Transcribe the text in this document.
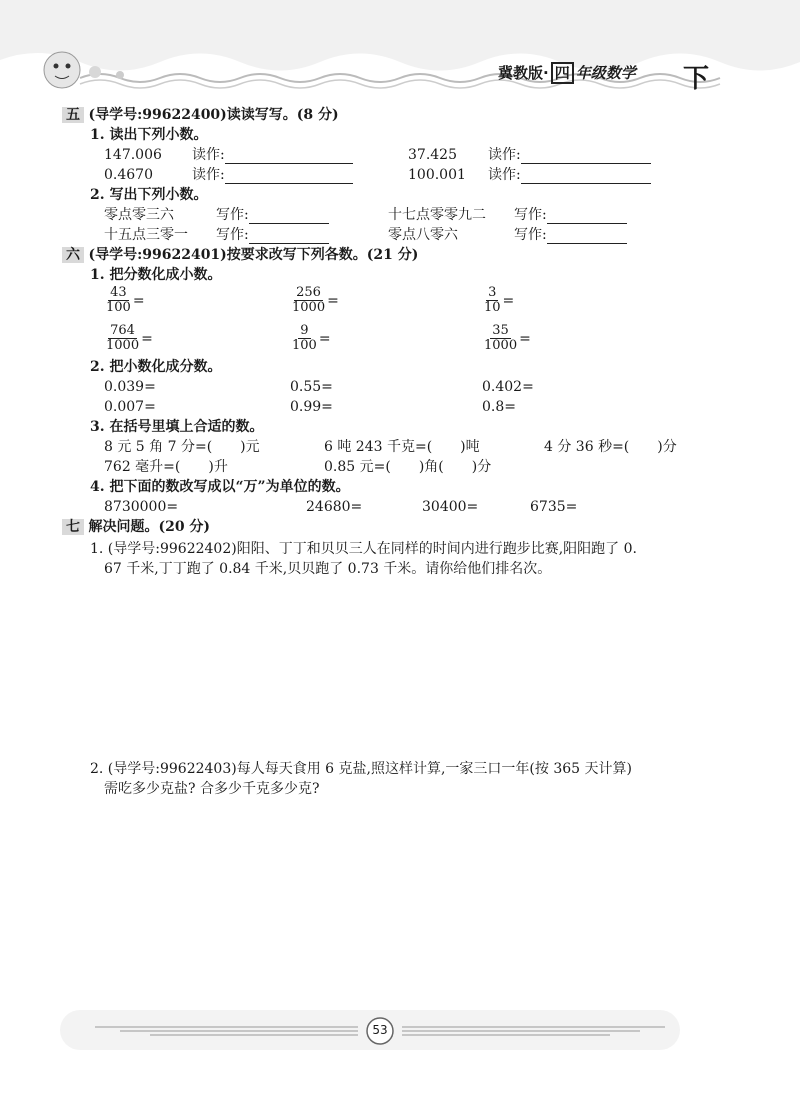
冀教版· 四 年级数学 下
五 (导学号:99622400)读读写写。(8 分)
1. 读出下列小数。
147.006 读作:	37.425 读作:
0.4670	读作:	100.001 读作:
2. 写出下列小数。
零点零三六	写作:	十七点零零九二 写作:
十五点三零一 写作:	零点八零六	写作:
六 (导学号:99622401)按要求改写下列各数。(21 分)
1. 把分数化成小数。
$\frac{43}{100}$ =	$\frac{256}{1000}$ =	$\frac{3}{10}$ =
$\frac{764}{1000}$ =	$\frac{9}{100}$ =	$\frac{35}{1000}$ =
2. 把小数化成分数。
0.039=	0.55=	0.402=
0.007=	0.99=	0.8=
3. 在括号里填上合适的数。
8 元 5 角 7 分=(　　)元	6 吨 243 千克=(　　)吨	4 分 36 秒=(　　)分
762 毫升=(　　)升	0.85 元=(　　)角(　　)分
4. 把下面的数改写成以“万”为单位的数。
8730000=	24680=	30400=	6735=
七 解决问题。(20 分)
1. (导学号:99622402)阳阳、丁丁和贝贝三人在同样的时间内进行跑步比赛,阳阳跑了 0.
67 千米,丁丁跑了 0.84 千米,贝贝跑了 0.73 千米。请你给他们排名次。
2. (导学号:99622403)每人每天食用 6 克盐,照这样计算,一家三口一年(按 365 天计算)
需吃多少克盐? 合多少千克多少克?
53
